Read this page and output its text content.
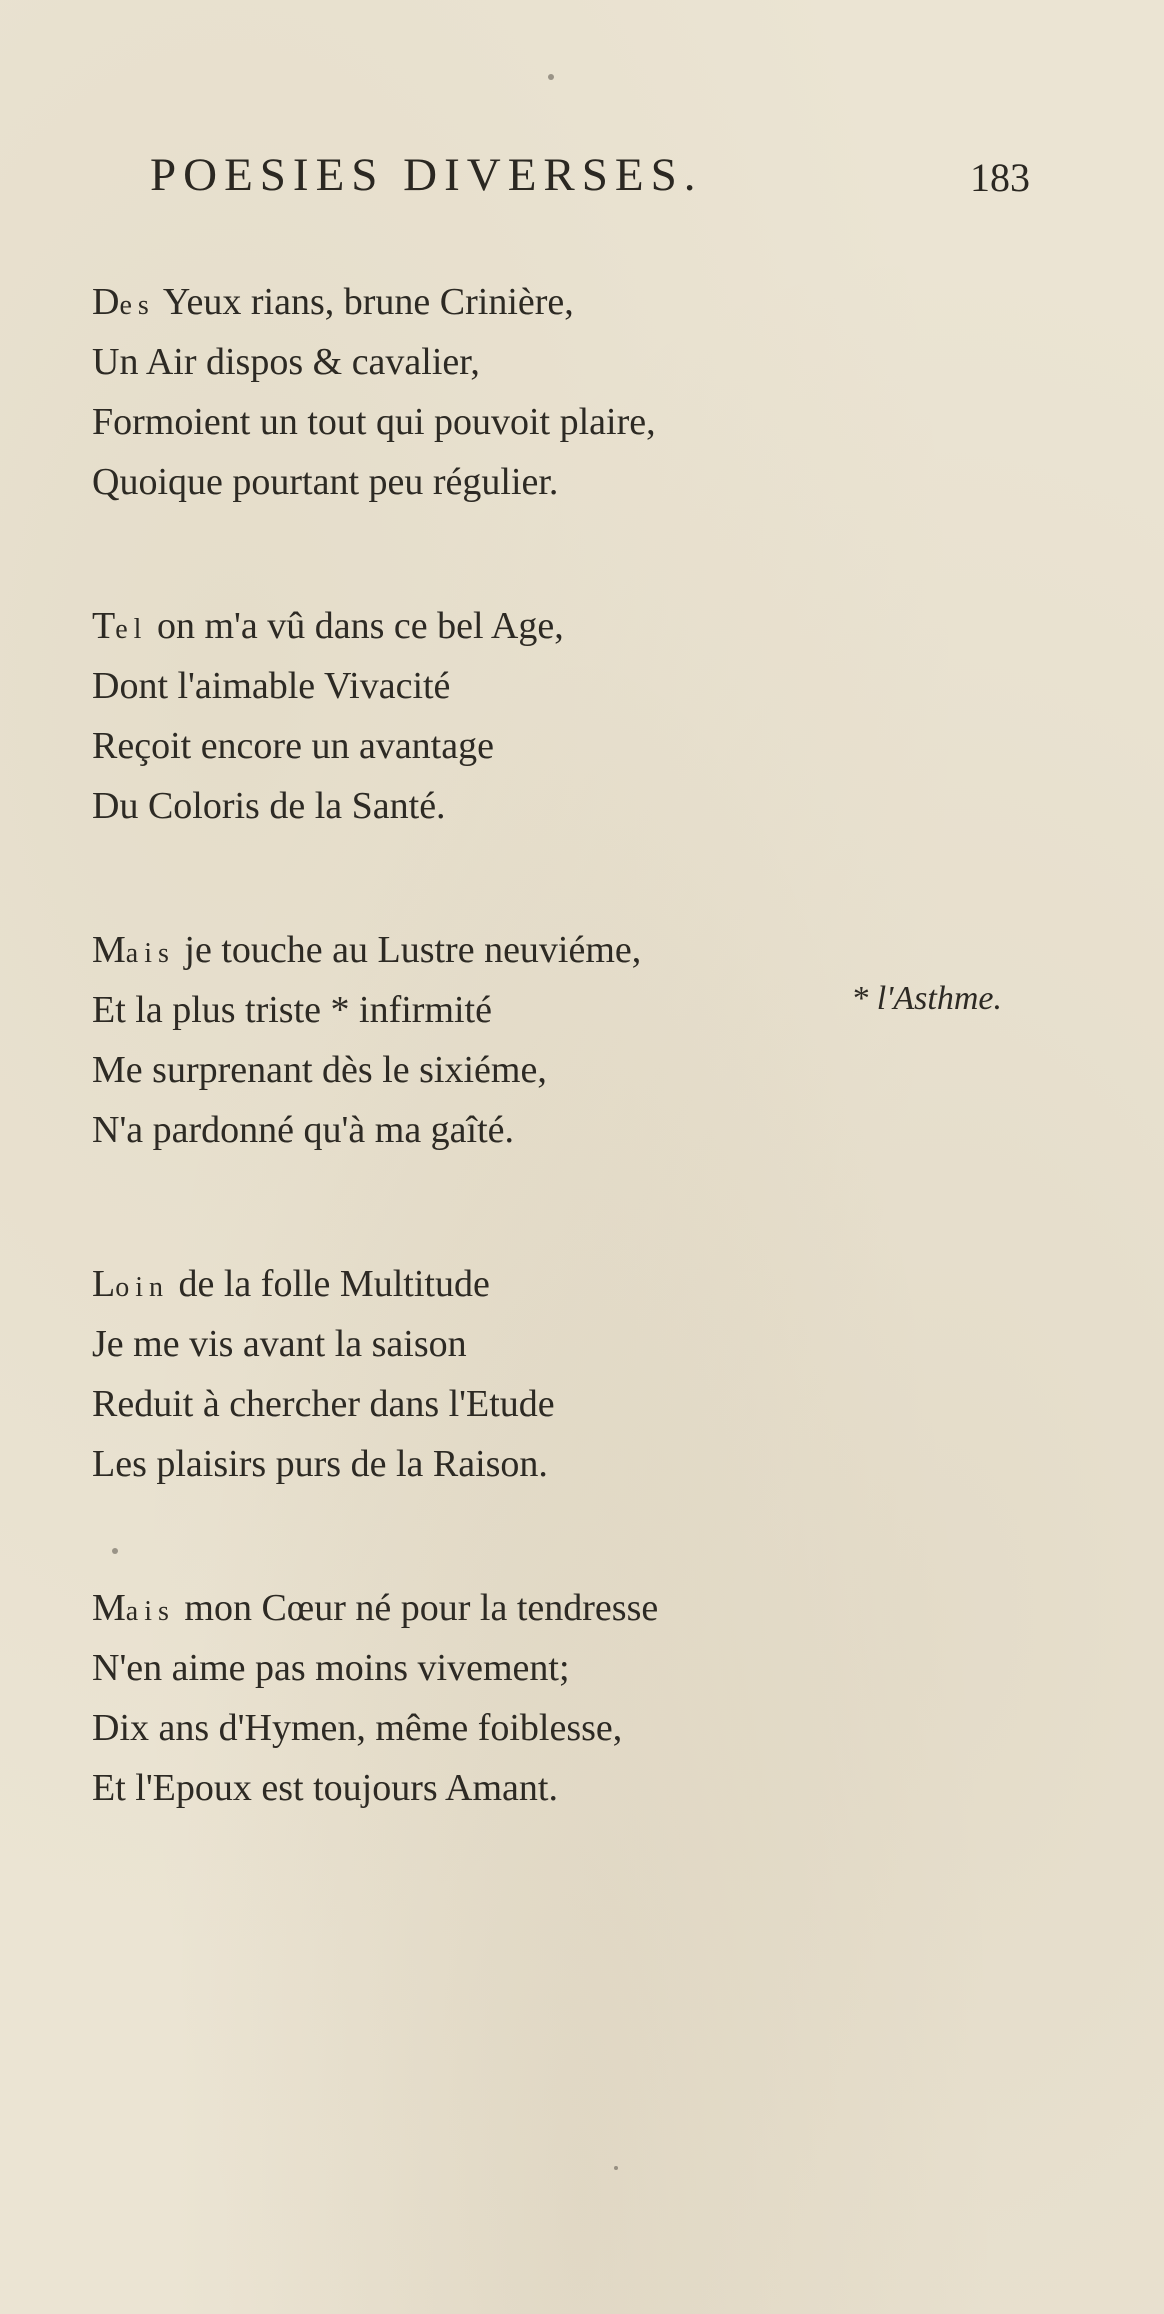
POESIES DIVERSES.	183
Des Yeux rians, brune Crinière,
Un Air dispos & cavalier,
Formoient un tout qui pouvoit plaire,
Quoique pourtant peu régulier.
Tel on m'a vû dans ce bel Age,
Dont l'aimable Vivacité
Reçoit encore un avantage
Du Coloris de la Santé.
Mais je touche au Lustre neuviéme,
Et la plus triste * infirmité
Me surprenant dès le sixiéme,
N'a pardonné qu'à ma gaîté.
* l'Asthme.
Loin de la folle Multitude
Je me vis avant la saison
Reduit à chercher dans l'Etude
Les plaisirs purs de la Raison.
Mais mon Cœur né pour la tendresse
N'en aime pas moins vivement;
Dix ans d'Hymen, même foiblesse,
Et l'Epoux est toujours Amant.
